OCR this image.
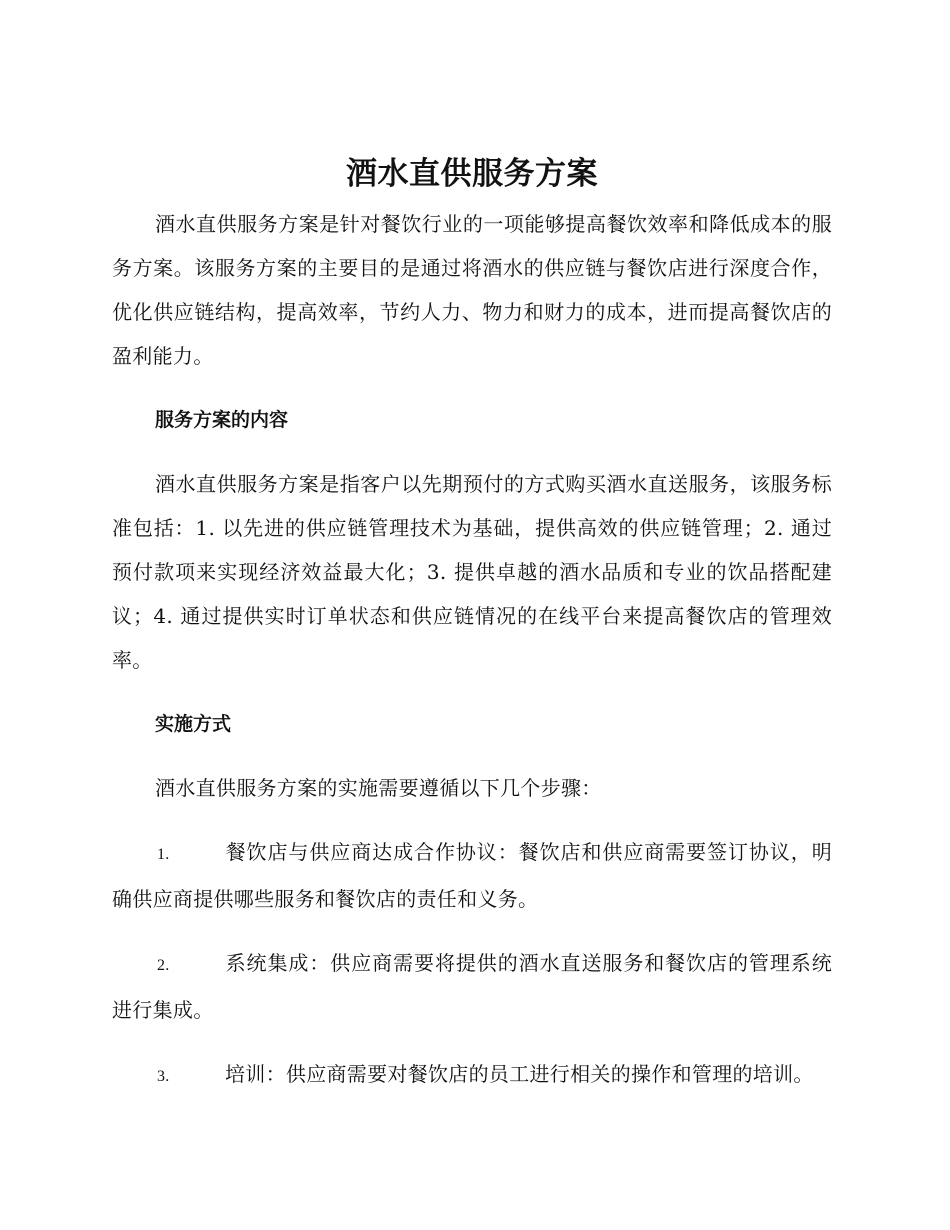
酒水直供服务方案

酒水直供服务方案是针对餐饮行业的一项能够提高餐饮效率和降低成本的服务方案。该服务方案的主要目的是通过将酒水的供应链与餐饮店进行深度合作，优化供应链结构，提高效率，节约人力、物力和财力的成本，进而提高餐饮店的盈利能力。

服务方案的内容

酒水直供服务方案是指客户以先期预付的方式购买酒水直送服务，该服务标准包括：1. 以先进的供应链管理技术为基础，提供高效的供应链管理；2. 通过预付款项来实现经济效益最大化；3. 提供卓越的酒水品质和专业的饮品搭配建议；4. 通过提供实时订单状态和供应链情况的在线平台来提高餐饮店的管理效率。

实施方式

酒水直供服务方案的实施需要遵循以下几个步骤：

1.	餐饮店与供应商达成合作协议：餐饮店和供应商需要签订协议，明确供应商提供哪些服务和餐饮店的责任和义务。

2.	系统集成：供应商需要将提供的酒水直送服务和餐饮店的管理系统进行集成。

3.	培训：供应商需要对餐饮店的员工进行相关的操作和管理的培训。
